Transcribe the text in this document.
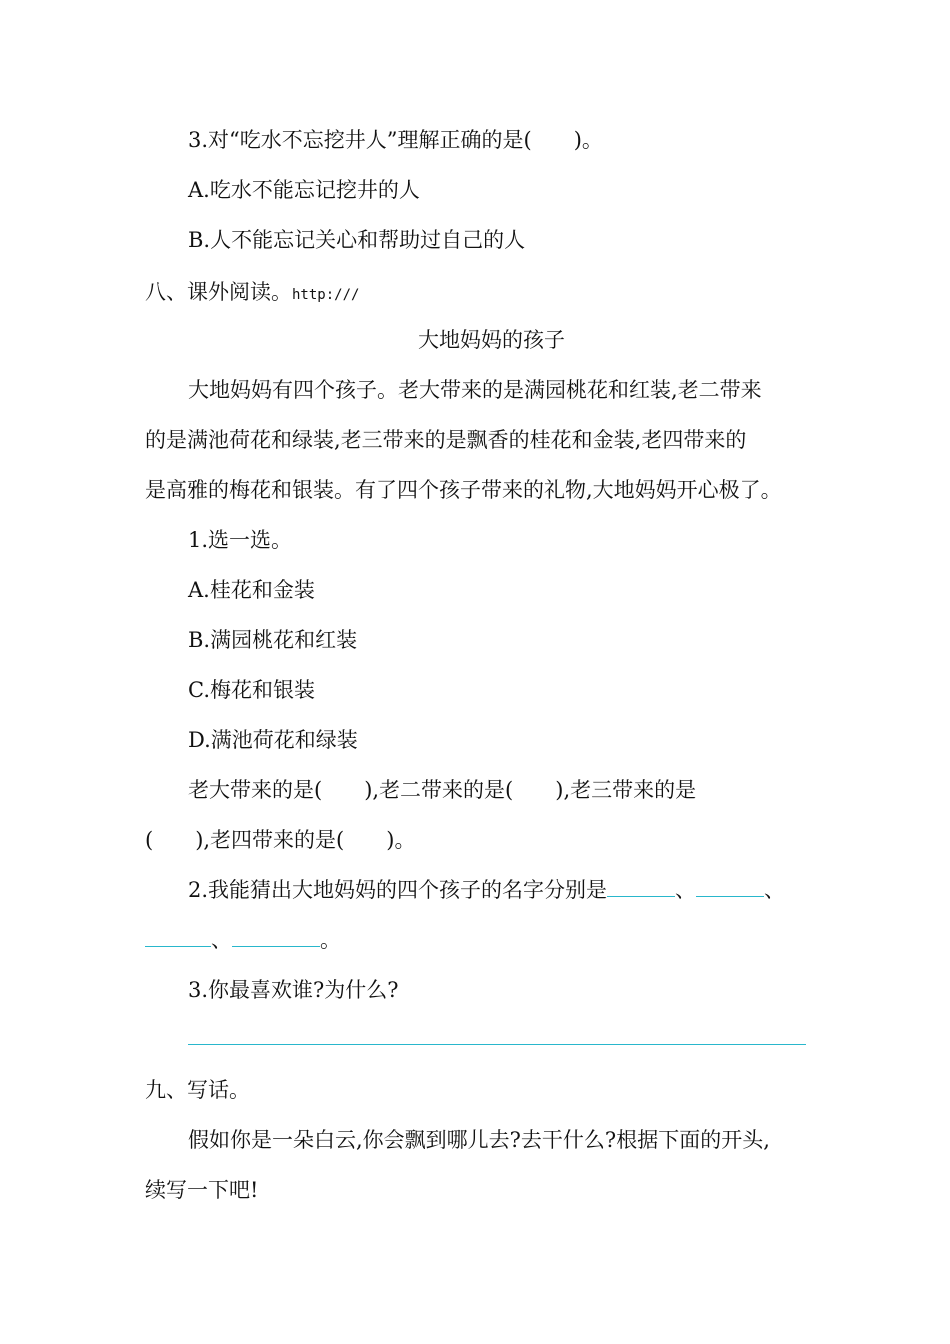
3.对“吃水不忘挖井人”理解正确的是(　　)。
A.吃水不能忘记挖井的人
B.人不能忘记关心和帮助过自己的人
八、课外阅读。http:///
大地妈妈的孩子
大地妈妈有四个孩子。老大带来的是满园桃花和红装,老二带来
的是满池荷花和绿装,老三带来的是飘香的桂花和金装,老四带来的
是高雅的梅花和银装。有了四个孩子带来的礼物,大地妈妈开心极了。
1.选一选。
A.桂花和金装
B.满园桃花和红装
C.梅花和银装
D.满池荷花和绿装
老大带来的是(　　),老二带来的是(　　),老三带来的是
(　　),老四带来的是(　　)。
2.我能猜出大地妈妈的四个孩子的名字分别是	、	、
、	。
3.你最喜欢谁?为什么?
九、写话。
假如你是一朵白云,你会飘到哪儿去?去干什么?根据下面的开头,
续写一下吧!
